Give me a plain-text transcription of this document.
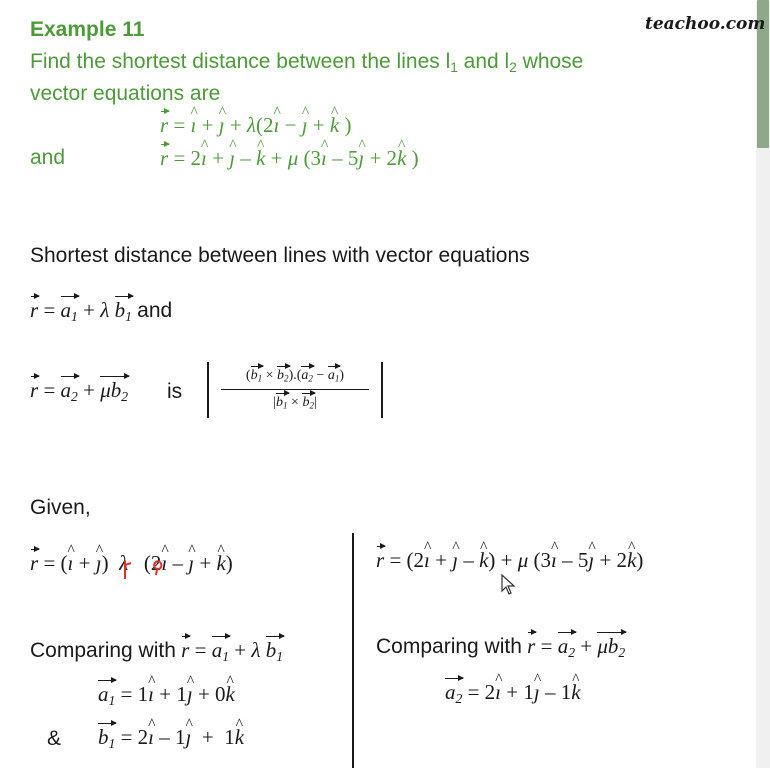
teachoo.com
Example 11
Find the shortest distance between the lines $l_1$ and $l_2$ whose
vector equations are
r = ı ^ + ȷ ^ + λ(2ı ^ − ȷ ^ + k ^ )
and	r = 2ı ^ + ȷ ^ – k ^ + μ (3ı ^ – 5ȷ ^ + 2k ^ )
Shortest distance between lines with vector equations
$r = a_1 + \lambda$ $b_1$ and
$r = a_2 + \mu b_2$ is
$(b_1 \times b_2).(a_2 - a_1)$
$|b_1 \times b_2|$
Given,
r = (ı ^ + ȷ ^)  λ   (2ı ^ – ȷ ^ + k ^)
Comparing with $r = a_1 + \lambda$ $b_1$
$a_1$ = 1ı ^ + 1ȷ ^ + 0k ^
& $b_1$ = 2ı ^ – 1ȷ ^  +  1k ^
r = (2ı ^ + ȷ ^ – k ^) + μ (3ı ^ – 5ȷ ^ + 2k ^)
Comparing with $r = a_2 + \mu b_2$
$a_2$ = 2ı ^ + 1ȷ ^ – 1k ^
